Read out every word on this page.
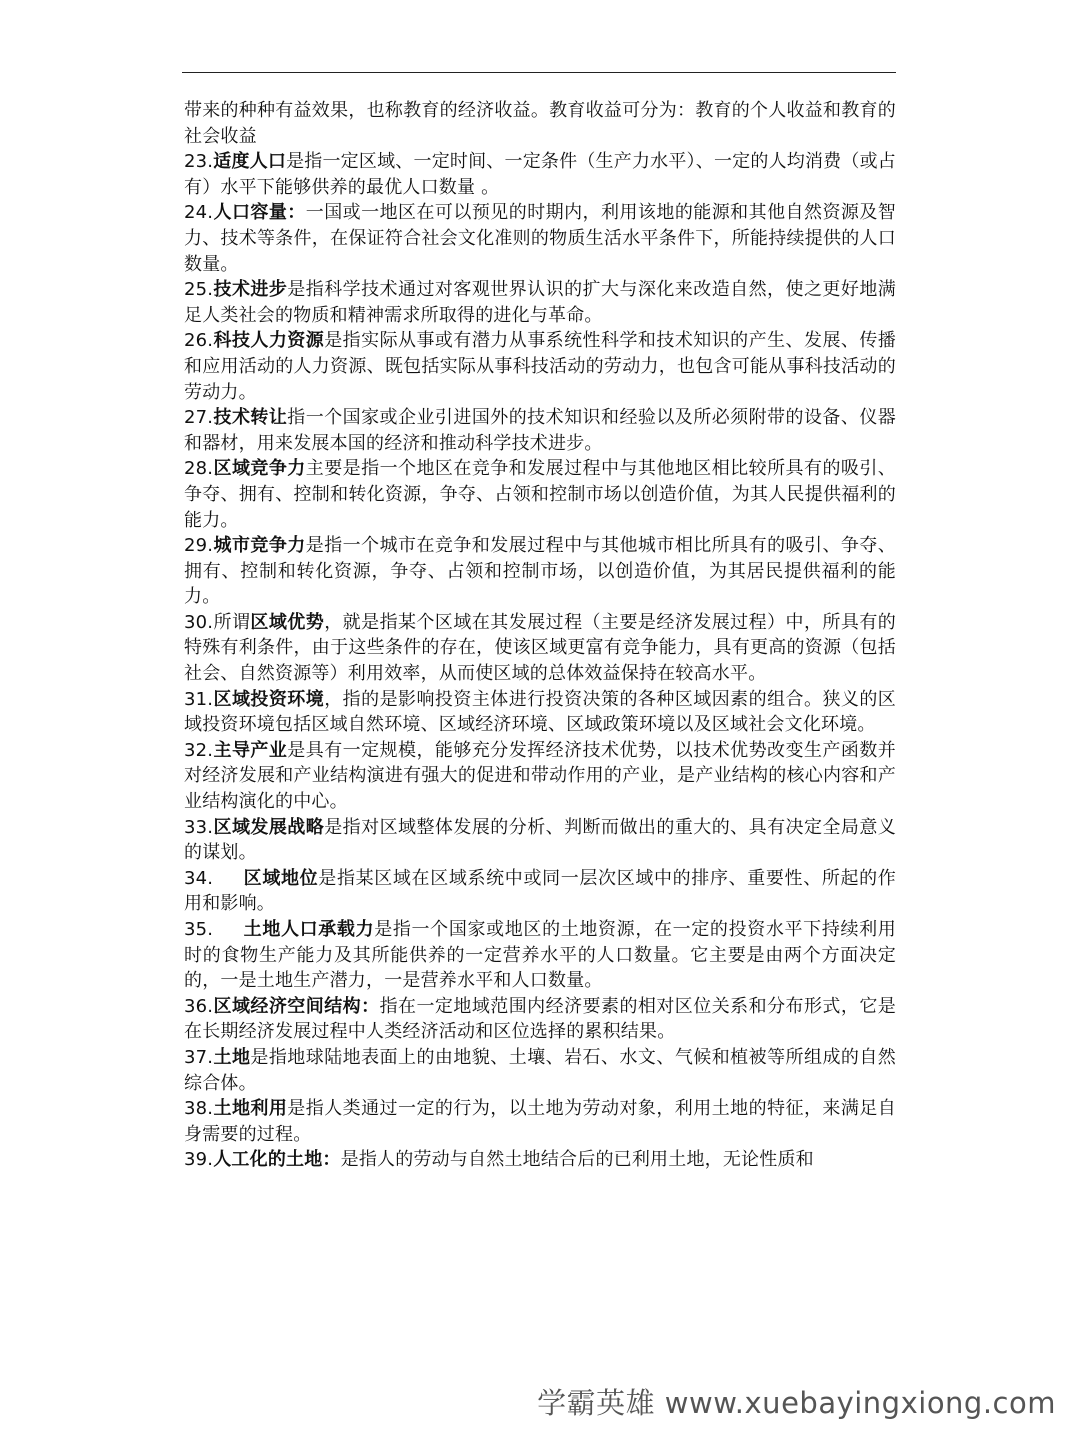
带来的种种有益效果，也称教育的经济收益。教育收益可分为：教育的个人收益和教育的社会收益

23.适度人口是指一定区域、一定时间、一定条件（生产力水平）、一定的人均消费（或占有）水平下能够供养的最优人口数量 。

24.人口容量：一国或一地区在可以预见的时期内，利用该地的能源和其他自然资源及智力、技术等条件，在保证符合社会文化准则的物质生活水平条件下，所能持续提供的人口数量。

25.技术进步是指科学技术通过对客观世界认识的扩大与深化来改造自然，使之更好地满足人类社会的物质和精神需求所取得的进化与革命。

26.科技人力资源是指实际从事或有潜力从事系统性科学和技术知识的产生、发展、传播和应用活动的人力资源、既包括实际从事科技活动的劳动力，也包含可能从事科技活动的劳动力。

27.技术转让指一个国家或企业引进国外的技术知识和经验以及所必须附带的设备、仪器和器材，用来发展本国的经济和推动科学技术进步。

28.区域竞争力主要是指一个地区在竞争和发展过程中与其他地区相比较所具有的吸引、争夺、拥有、控制和转化资源，争夺、占领和控制市场以创造价值，为其人民提供福利的能力。

29.城市竞争力是指一个城市在竞争和发展过程中与其他城市相比所具有的吸引、争夺、拥有、控制和转化资源，争夺、占领和控制市场，以创造价值，为其居民提供福利的能力。

30.所谓区域优势，就是指某个区域在其发展过程（主要是经济发展过程）中，所具有的特殊有利条件，由于这些条件的存在，使该区域更富有竞争能力，具有更高的资源（包括社会、自然资源等）利用效率，从而使区域的总体效益保持在较高水平。

31.区域投资环境，指的是影响投资主体进行投资决策的各种区域因素的组合。狭义的区域投资环境包括区域自然环境、区域经济环境、区域政策环境以及区域社会文化环境。

32.主导产业是具有一定规模，能够充分发挥经济技术优势，以技术优势改变生产函数并对经济发展和产业结构演进有强大的促进和带动作用的产业，是产业结构的核心内容和产业结构演化的中心。

33.区域发展战略是指对区域整体发展的分析、判断而做出的重大的、具有决定全局意义的谋划。

34. 区域地位是指某区域在区域系统中或同一层次区域中的排序、重要性、所起的作用和影响。

35. 土地人口承载力是指一个国家或地区的土地资源，在一定的投资水平下持续利用时的食物生产能力及其所能供养的一定营养水平的人口数量。它主要是由两个方面决定的，一是土地生产潜力，一是营养水平和人口数量。

36.区域经济空间结构：指在一定地域范围内经济要素的相对区位关系和分布形式，它是在长期经济发展过程中人类经济活动和区位选择的累积结果。

37.土地是指地球陆地表面上的由地貌、土壤、岩石、水文、气候和植被等所组成的自然综合体。

38.土地利用是指人类通过一定的行为，以土地为劳动对象，利用土地的特征，来满足自身需要的过程。

39.人工化的土地：是指人的劳动与自然土地结合后的已利用土地，无论性质和

学霸英雄 www.xuebayingxiong.com
